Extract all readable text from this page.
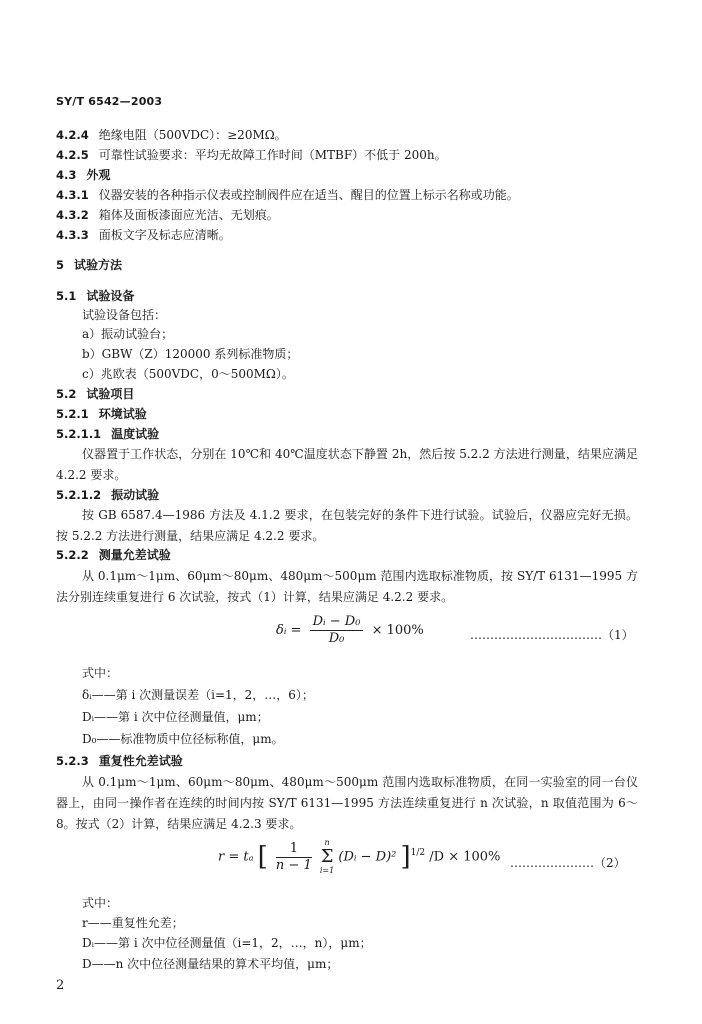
SY/T 6542—2003
4.2.4 绝缘电阻（500VDC）：≥20MΩ。
4.2.5 可靠性试验要求：平均无故障工作时间（MTBF）不低于 200h。
4.3 外观
4.3.1 仪器安装的各种指示仪表或控制阀件应在适当、醒目的位置上标示名称或功能。
4.3.2 箱体及面板漆面应光洁、无划痕。
4.3.3 面板文字及标志应清晰。
5 试验方法
5.1 试验设备
试验设备包括：
a）振动试验台；
b）GBW（Z）120000 系列标准物质；
c）兆欧表（500VDC，0～500MΩ）。
5.2 试验项目
5.2.1 环境试验
5.2.1.1 温度试验
仪器置于工作状态，分别在 10℃和 40℃温度状态下静置 2h，然后按 5.2.2 方法进行测量，结果应满足 4.2.2 要求。
5.2.1.2 振动试验
按 GB 6587.4—1986 方法及 4.1.2 要求，在包装完好的条件下进行试验。试验后，仪器应完好无损。按 5.2.2 方法进行测量，结果应满足 4.2.2 要求。
5.2.2 测量允差试验
从 0.1μm～1μm、60μm～80μm、480μm～500μm 范围内选取标准物质，按 SY/T 6131—1995 方法分别连续重复进行 6 次试验，按式（1）计算，结果应满足 4.2.2 要求。
δᵢ = $\frac{\text{Dᵢ − D₀}}{\text{D₀}} \times 100\%$	……………………………（1）
式中：
δᵢ——第 i 次测量误差（i=1，2，…，6）；
Dᵢ——第 i 次中位径测量值，μm；
D₀——标准物质中位径标称值，μm。
5.2.3 重复性允差试验
从 0.1μm～1μm、60μm～80μm、480μm～500μm 范围内选取标准物质，在同一实验室的同一台仪器上，由同一操作者在连续的时间内按 SY/T 6131—1995 方法连续重复进行 n 次试验，n 取值范围为 6～8。按式（2）计算，结果应满足 4.2.3 要求。
r = tₐ [ $\frac{1}{n - 1}$
	n
Σ
i=1
(Dᵢ − D)² ]$^{1/2}$ /D × 100% …………………（2）
式中：
r——重复性允差；
Dᵢ——第 i 次中位径测量值（i=1，2，…，n），μm；
D——n 次中位径测量结果的算术平均值，μm；
2
